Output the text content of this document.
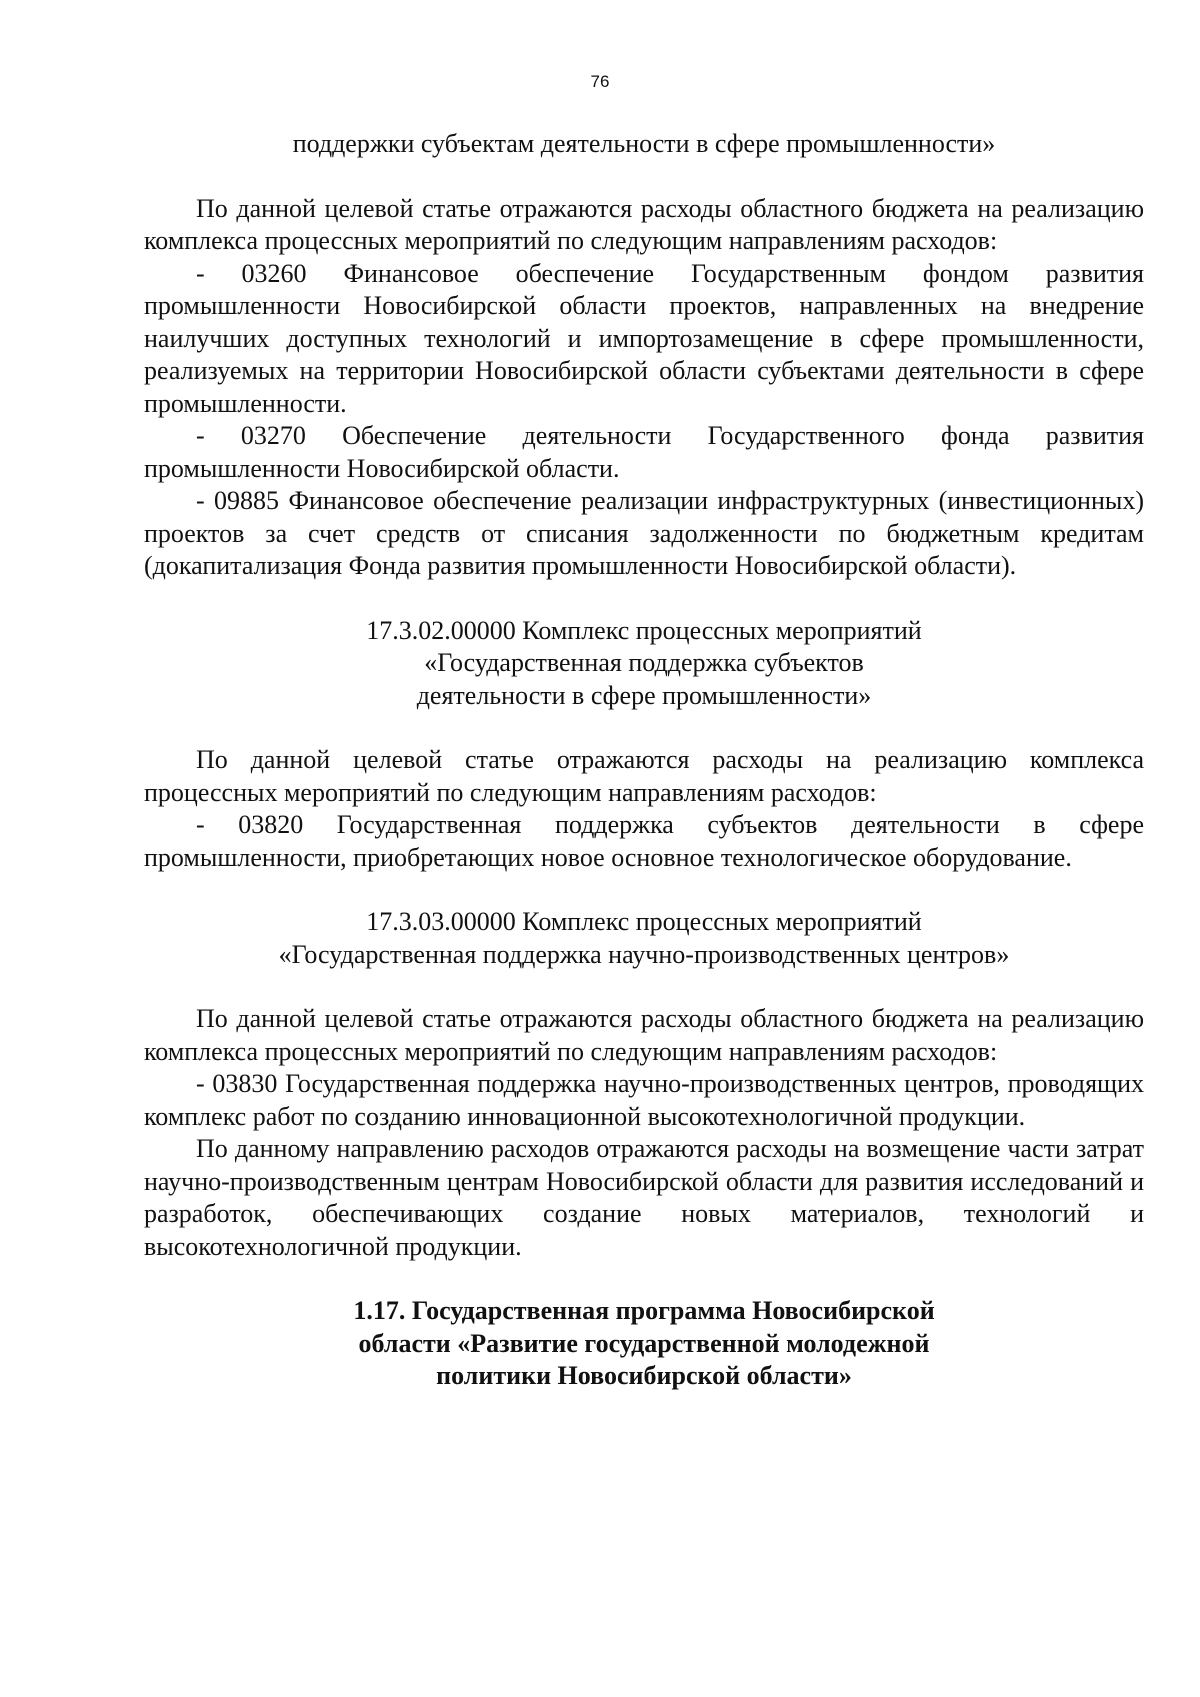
76
поддержки субъектам деятельности в сфере промышленности»

По данной целевой статье отражаются расходы областного бюджета на реализацию комплекса процессных мероприятий по следующим направлениям расходов:

- 03260 Финансовое обеспечение Государственным фондом развития промышленности Новосибирской области проектов, направленных на внедрение наилучших доступных технологий и импортозамещение в сфере промышленности, реализуемых на территории Новосибирской области субъектами деятельности в сфере промышленности.

- 03270 Обеспечение деятельности Государственного фонда развития промышленности Новосибирской области.

- 09885 Финансовое обеспечение реализации инфраструктурных (инвестиционных) проектов за счет средств от списания задолженности по бюджетным кредитам (докапитализация Фонда развития промышленности Новосибирской области).

17.3.02.00000 Комплекс процессных мероприятий
«Государственная поддержка субъектов
деятельности в сфере промышленности»

По данной целевой статье отражаются расходы на реализацию комплекса процессных мероприятий по следующим направлениям расходов:

- 03820 Государственная поддержка субъектов деятельности в сфере промышленности, приобретающих новое основное технологическое оборудование.

17.3.03.00000 Комплекс процессных мероприятий
«Государственная поддержка научно-производственных центров»

По данной целевой статье отражаются расходы областного бюджета на реализацию комплекса процессных мероприятий по следующим направлениям расходов:

- 03830 Государственная поддержка научно-производственных центров, проводящих комплекс работ по созданию инновационной высокотехнологичной продукции.

По данному направлению расходов отражаются расходы на возмещение части затрат научно-производственным центрам Новосибирской области для развития исследований и разработок, обеспечивающих создание новых материалов, технологий и высокотехнологичной продукции.

1.17. Государственная программа Новосибирской
области «Развитие государственной молодежной
политики Новосибирской области»
